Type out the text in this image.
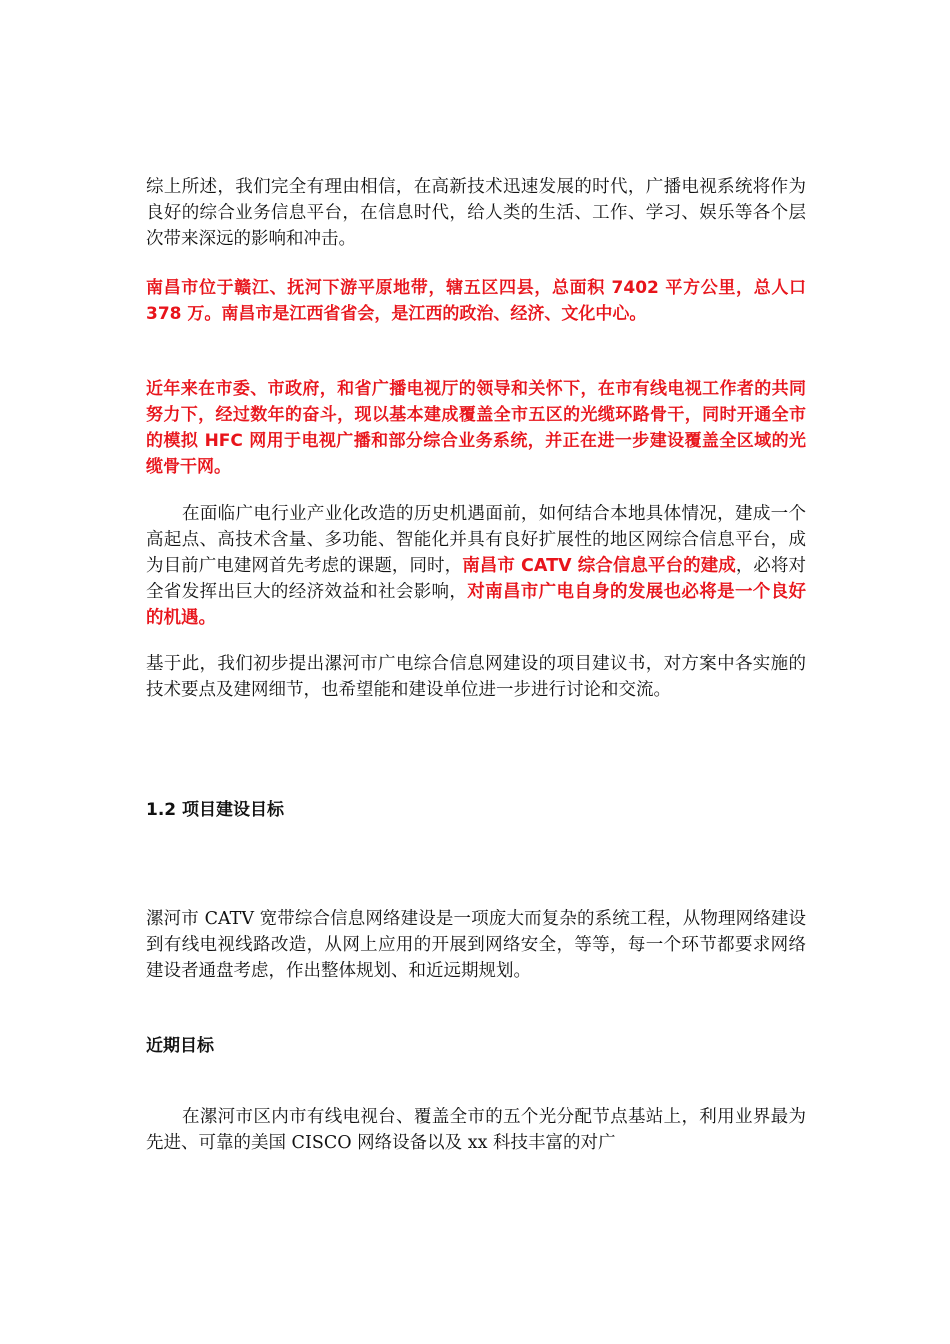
综上所述，我们完全有理由相信，在高新技术迅速发展的时代，广播电视系统将作为良好的综合业务信息平台，在信息时代，给人类的生活、工作、学习、娱乐等各个层次带来深远的影响和冲击。

南昌市位于赣江、抚河下游平原地带，辖五区四县，总面积 7402 平方公里，总人口 378 万。南昌市是江西省省会，是江西的政治、经济、文化中心。

近年来在市委、市政府，和省广播电视厅的领导和关怀下，在市有线电视工作者的共同努力下，经过数年的奋斗，现以基本建成覆盖全市五区的光缆环路骨干，同时开通全市的模拟 HFC 网用于电视广播和部分综合业务系统，并正在进一步建设覆盖全区域的光缆骨干网。

在面临广电行业产业化改造的历史机遇面前，如何结合本地具体情况，建成一个高起点、高技术含量、多功能、智能化并具有良好扩展性的地区网综合信息平台，成为目前广电建网首先考虑的课题，同时，南昌市 CATV 综合信息平台的建成，必将对全省发挥出巨大的经济效益和社会影响，对南昌市广电自身的发展也必将是一个良好的机遇。

基于此，我们初步提出漯河市广电综合信息网建设的项目建议书，对方案中各实施的技术要点及建网细节，也希望能和建设单位进一步进行讨论和交流。

1.2 项目建设目标

漯河市 CATV 宽带综合信息网络建设是一项庞大而复杂的系统工程，从物理网络建设到有线电视线路改造，从网上应用的开展到网络安全，等等，每一个环节都要求网络建设者通盘考虑，作出整体规划、和近远期规划。

近期目标

在漯河市区内市有线电视台、覆盖全市的五个光分配节点基站上，利用业界最为先进、可靠的美国 CISCO 网络设备以及 xx 科技丰富的对广
